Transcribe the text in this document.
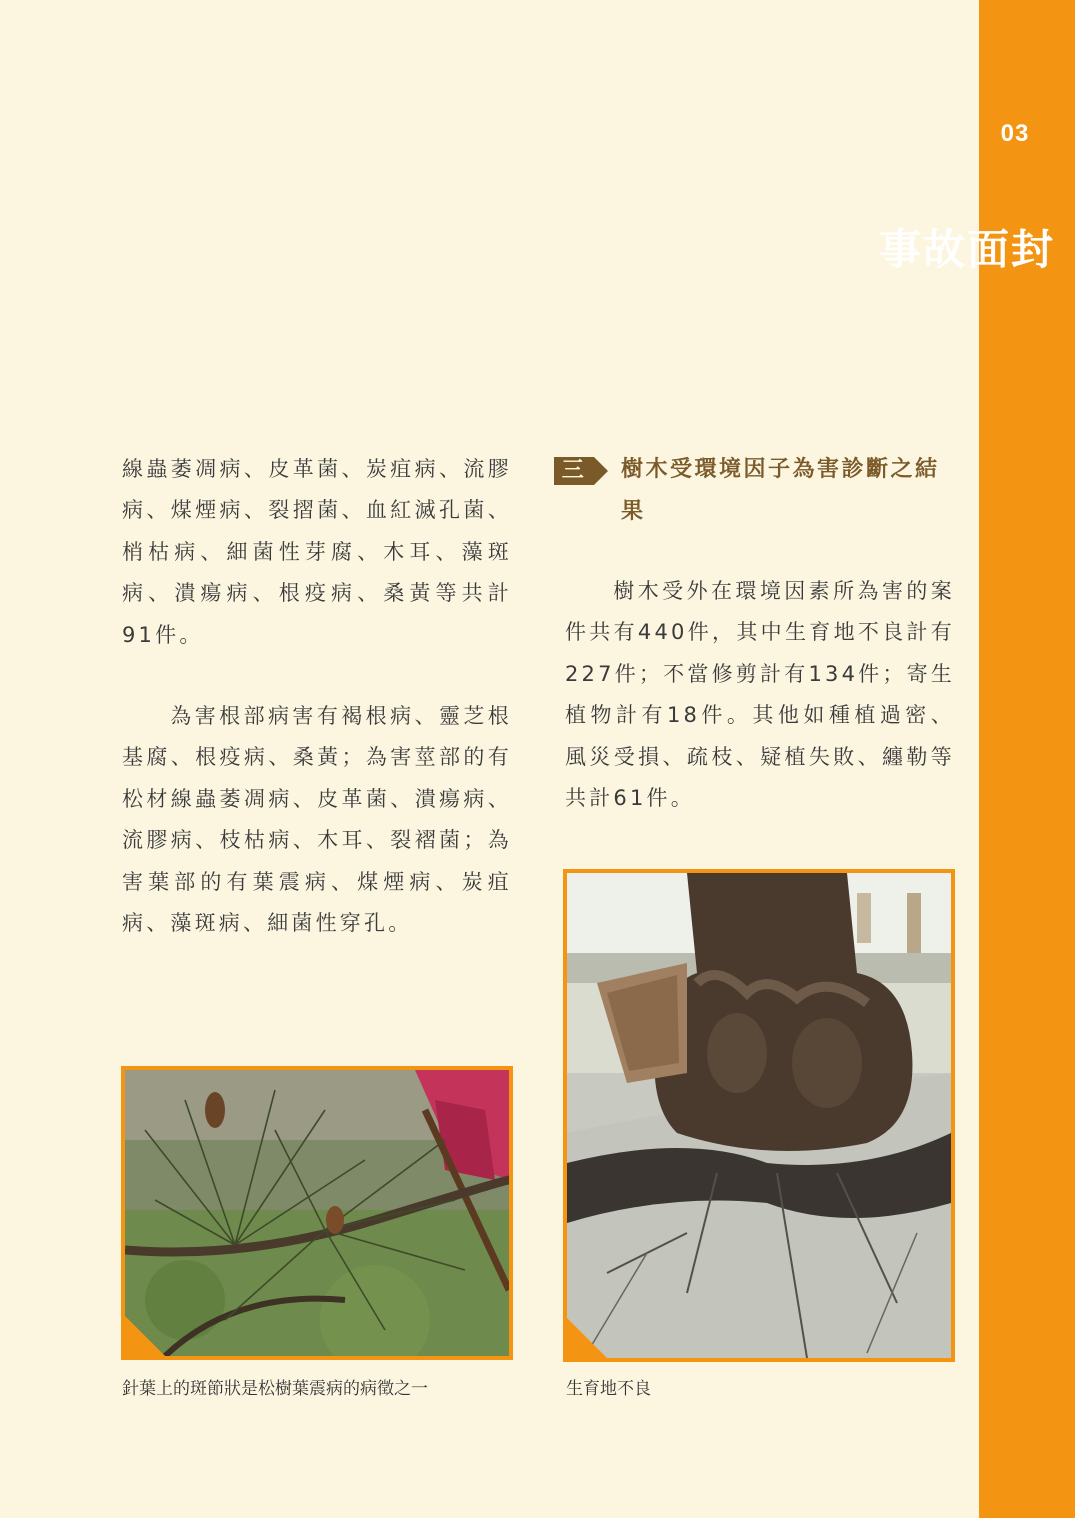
03
封
面
故
事

線蟲萎凋病、皮革菌、炭疽病、流膠病、煤煙病、裂摺菌、血紅滅孔菌、梢枯病、細菌性芽腐、木耳、藻斑病、潰瘍病、根疫病、桑黃等共計91件。

為害根部病害有褐根病、靈芝根基腐、根疫病、桑黃；為害莖部的有松材線蟲萎凋病、皮革菌、潰瘍病、流膠病、枝枯病、木耳、裂褶菌；為害葉部的有葉震病、煤煙病、炭疽病、藻斑病、細菌性穿孔。

三	樹木受環境因子為害診斷之結果

樹木受外在環境因素所為害的案件共有440件，其中生育地不良計有227件；不當修剪計有134件；寄生植物計有18件。其他如種植過密、風災受損、疏枝、疑植失敗、纏勒等共計61件。

針葉上的斑節狀是松樹葉震病的病徵之一	生育地不良
